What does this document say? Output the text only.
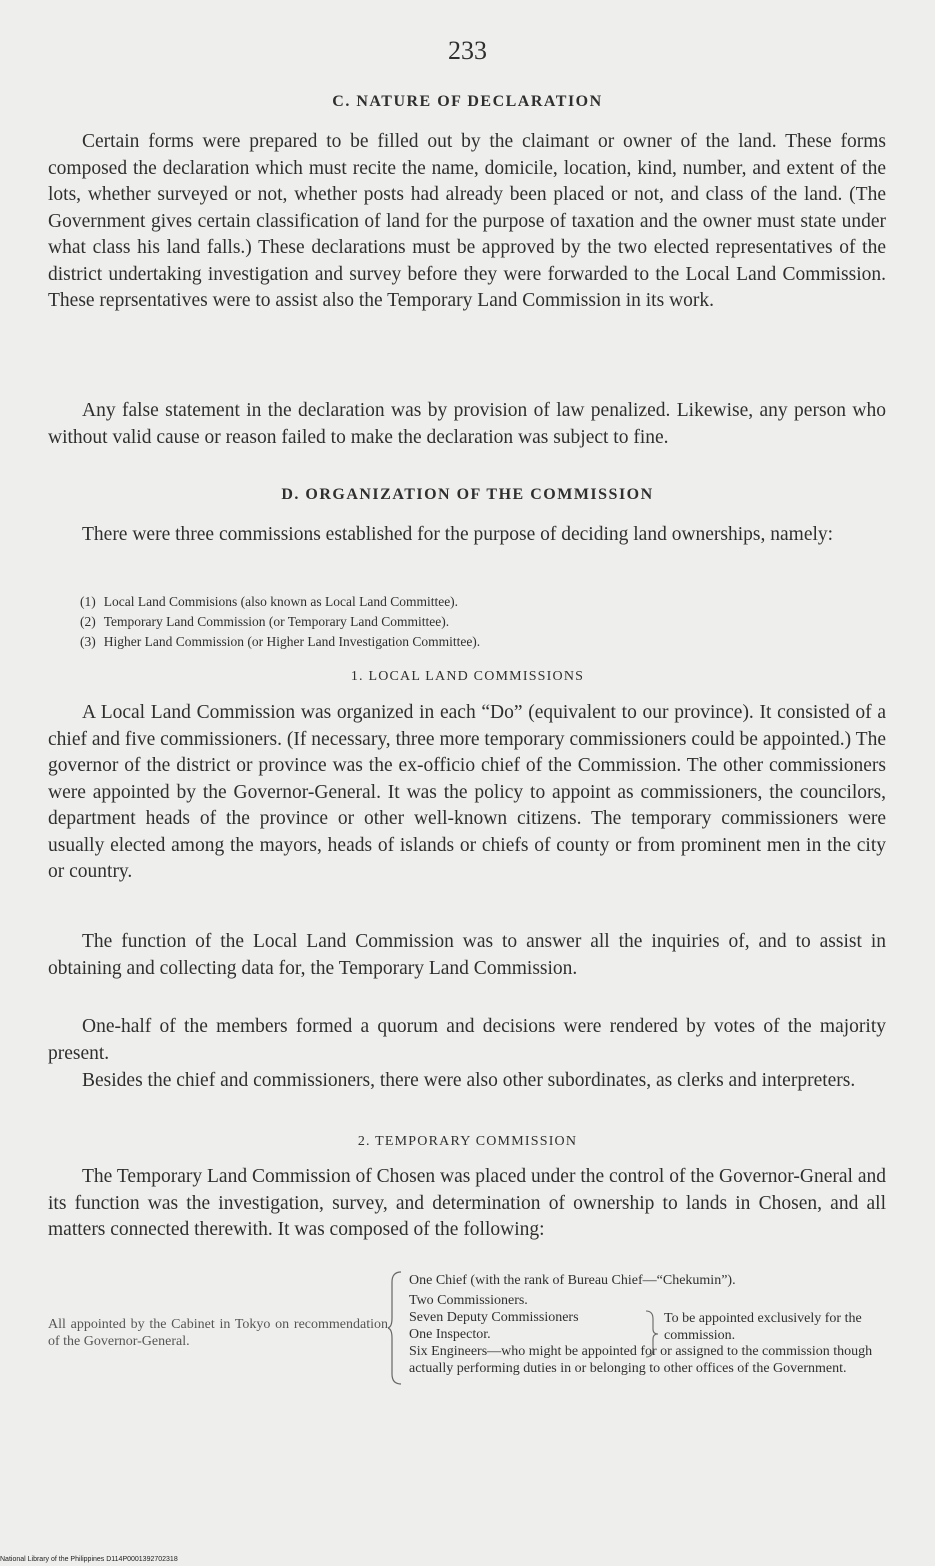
233
C. NATURE OF DECLARATION

Certain forms were prepared to be filled out by the claimant or owner of the land. These forms composed the declaration which must recite the name, domicile, location, kind, number, and extent of the lots, whether surveyed or not, whether posts had already been placed or not, and class of the land. (The Government gives certain classification of land for the purpose of taxation and the owner must state under what class his land falls.) These declarations must be approved by the two elected representatives of the district undertaking investigation and survey before they were forwarded to the Local Land Commission. These reprsentatives were to assist also the Temporary Land Commission in its work.

Any false statement in the declaration was by provision of law penalized. Likewise, any person who without valid cause or reason failed to make the declaration was subject to fine.

D. ORGANIZATION OF THE COMMISSION

There were three commissions established for the purpose of deciding land ownerships, namely:

(1) Local Land Commisions (also known as Local Land Committee).
(2) Temporary Land Commission (or Temporary Land Committee).
(3) Higher Land Commission (or Higher Land Investigation Committee).
1. LOCAL LAND COMMISSIONS

A Local Land Commission was organized in each “Do” (equivalent to our province). It consisted of a chief and five commissioners. (If necessary, three more temporary commissioners could be appointed.) The governor of the district or province was the ex-officio chief of the Commission. The other commissioners were appointed by the Governor-General. It was the policy to appoint as commissioners, the councilors, department heads of the province or other well-known citizens. The temporary commissioners were usually elected among the mayors, heads of islands or chiefs of county or from prominent men in the city or country.

The function of the Local Land Commission was to answer all the inquiries of, and to assist in obtaining and collecting data for, the Temporary Land Commission.

One-half of the members formed a quorum and decisions were rendered by votes of the majority present.

Besides the chief and commissioners, there were also other subordinates, as clerks and interpreters.

2. TEMPORARY COMMISSION

The Temporary Land Commission of Chosen was placed under the control of the Governor-Gneral and its function was the investigation, survey, and determination of ownership to lands in Chosen, and all matters connected therewith. It was composed of the following:

All appointed by the Cabinet in Tokyo on recommendation of the Governor-General.
One Chief (with the rank of Bureau Chief—“Chekumin”).
Two Commissioners.
Seven Deputy Commissioners
One Inspector.
Six Engineers—who might be appointed for or assigned to the commission though actually performing duties in or belonging to other offices of the Government.
To be appointed exclusively for the commission.
National Library of the Philippines D114P0001392702318
